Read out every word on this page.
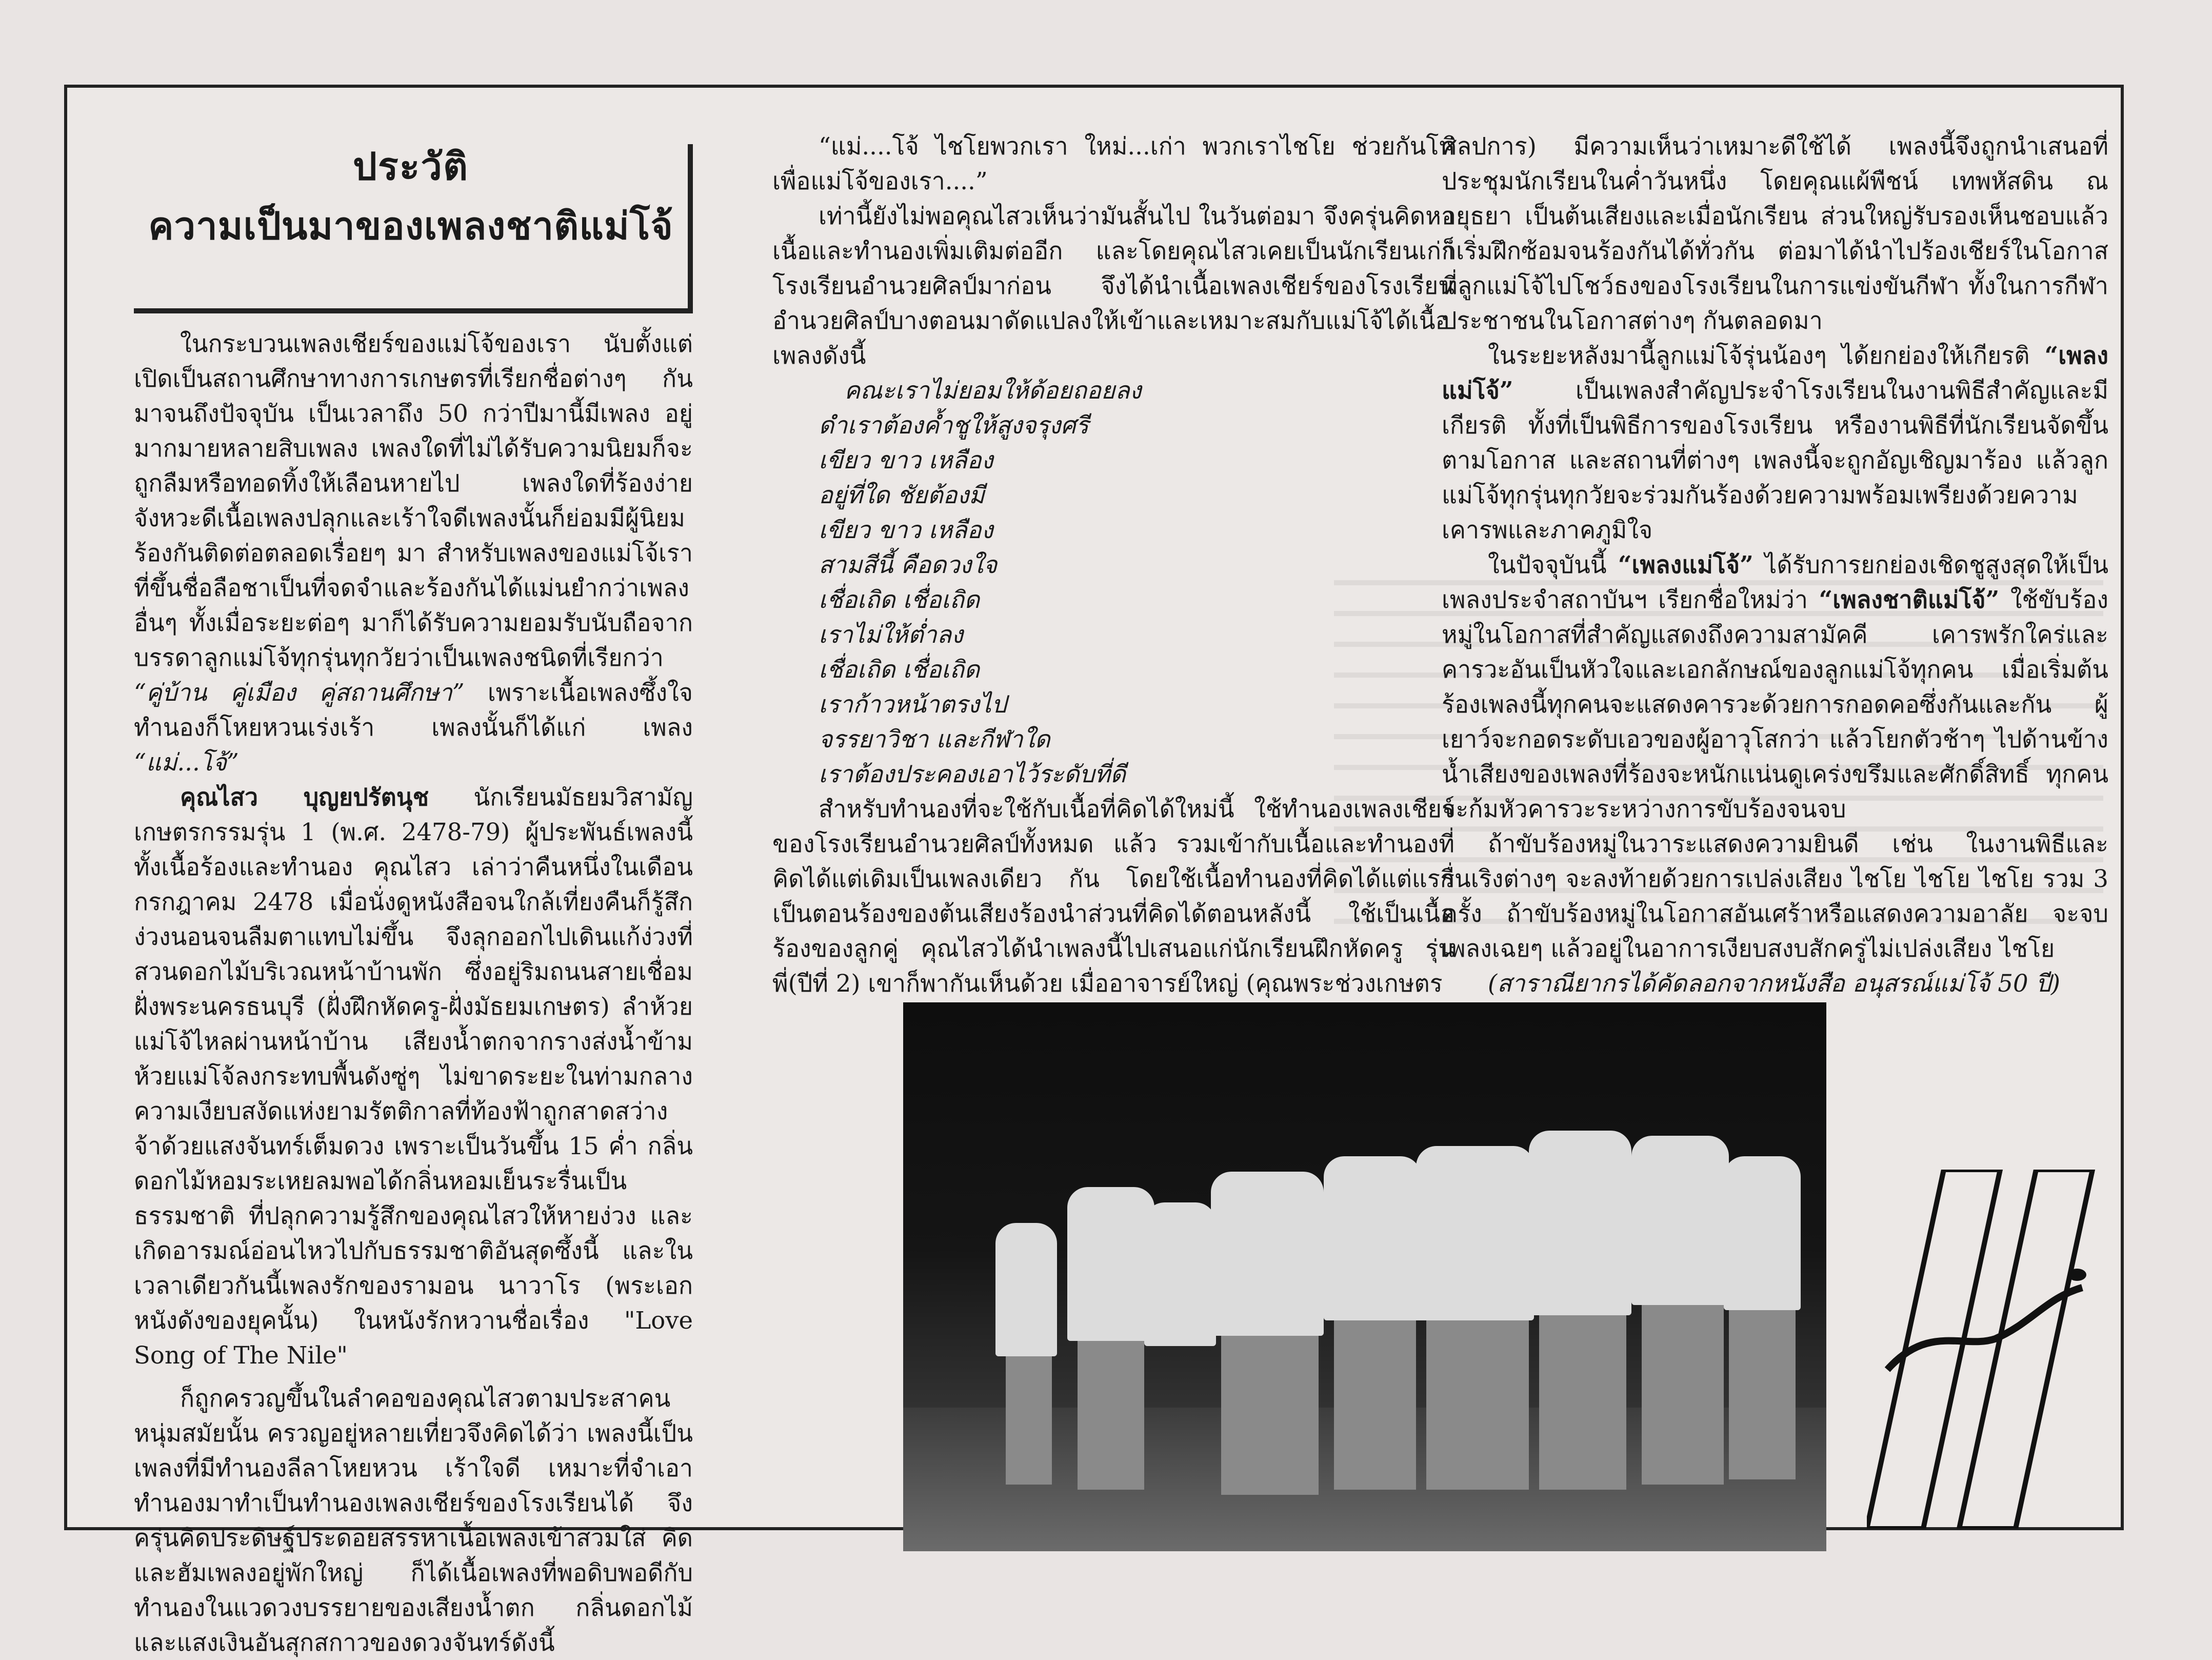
ประวัติ
ความเป็นมาของเพลงชาติแม่โจ้

ในกระบวนเพลงเชียร์ของแม่โจ้ของเรา นับตั้งแต่เปิดเป็นสถานศึกษาทางการเกษตรที่เรียกชื่อต่างๆ กัน มาจนถึงปัจจุบัน เป็นเวลาถึง 50 กว่าปีมานี้มีเพลง อยู่มากมายหลายสิบเพลง เพลงใดที่ไม่ได้รับความนิยมก็จะถูกลืมหรือทอดทิ้งให้เลือนหายไป เพลงใดที่ร้องง่าย จังหวะดีเนื้อเพลงปลุกและเร้าใจดีเพลงนั้นก็ย่อมมีผู้นิยมร้องกันติดต่อตลอดเรื่อยๆ มา สำหรับเพลงของแม่โจ้เราที่ขึ้นชื่อลือชาเป็นที่จดจำและร้องกันได้แม่นยำกว่าเพลงอื่นๆ ทั้งเมื่อระยะต่อๆ มาก็ได้รับความยอมรับนับถือจากบรรดาลูกแม่โจ้ทุกรุ่นทุกวัยว่าเป็นเพลงชนิดที่เรียกว่า “คู่บ้าน คู่เมือง คู่สถานศึกษา” เพราะเนื้อเพลงซึ้งใจ ทำนองก็โหยหวนเร่งเร้า เพลงนั้นก็ได้แก่ เพลง “แม่...โจ้”

คุณไสว บุญยปรัตนุช นักเรียนมัธยมวิสามัญเกษตรกรรมรุ่น 1 (พ.ศ. 2478-79) ผู้ประพันธ์เพลงนี้ ทั้งเนื้อร้องและทำนอง คุณไสว เล่าว่าคืนหนึ่งในเดือนกรกฎาคม 2478 เมื่อนั่งดูหนังสือจนใกล้เที่ยงคืนก็รู้สึกง่วงนอนจนลืมตาแทบไม่ขึ้น จึงลุกออกไปเดินแก้ง่วงที่สวนดอกไม้บริเวณหน้าบ้านพัก ซึ่งอยู่ริมถนนสายเชื่อมฝั่งพระนครธนบุรี (ฝั่งฝึกหัดครู-ฝั่งมัธยมเกษตร) ลำห้วยแม่โจ้ไหลผ่านหน้าบ้าน เสียงน้ำตกจากรางส่งน้ำข้ามห้วยแม่โจ้ลงกระทบพื้นดังซู่ๆ ไม่ขาดระยะในท่ามกลางความเงียบสงัดแห่งยามรัตติกาลที่ท้องฟ้าถูกสาดสว่างจ้าด้วยแสงจันทร์เต็มดวง เพราะเป็นวันขึ้น 15 ค่ำ กลิ่นดอกไม้หอมระเหยลมพอได้กลิ่นหอมเย็นระรื่นเป็นธรรมชาติ ที่ปลุกความรู้สึกของคุณไสวให้หายง่วง และเกิดอารมณ์อ่อนไหวไปกับธรรมชาติอันสุดซึ้งนี้ และในเวลาเดียวกันนี้เพลงรักของรามอน นาวาโร (พระเอกหนังดังของยุคนั้น) ในหนังรักหวานชื่อเรื่อง "Love Song of The Nile"

ก็ถูกครวญขึ้นในลำคอของคุณไสวตามประสาคนหนุ่มสมัยนั้น ครวญอยู่หลายเที่ยวจึงคิดได้ว่า เพลงนี้เป็นเพลงที่มีทำนองลีลาโหยหวน เร้าใจดี เหมาะที่จำเอาทำนองมาทำเป็นทำนองเพลงเชียร์ของโรงเรียนได้ จึงครุ่นคิดประดิษฐ์ประดอยสรรหาเนื้อเพลงเข้าสวมใส่ คิดและฮัมเพลงอยู่พักใหญ่ ก็ได้เนื้อเพลงที่พอดิบพอดีกับทำนองในแวดวงบรรยายของเสียงน้ำตก กลิ่นดอกไม้ และแสงเงินอันสุกสกาวของดวงจันทร์ดังนี้

“แม่....โจ้ ไชโยพวกเรา ใหม่...เก่า พวกเราไชโย ช่วยกันโห่เพื่อแม่โจ้ของเรา....”

เท่านี้ยังไม่พอคุณไสวเห็นว่ามันสั้นไป ในวันต่อมา จึงครุ่นคิดหาเนื้อและทำนองเพิ่มเติมต่ออีก และโดยคุณไสวเคยเป็นนักเรียนเก่าโรงเรียนอำนวยศิลป์มาก่อน จึงได้นำเนื้อเพลงเชียร์ของโรงเรียนอำนวยศิลป์บางตอนมาดัดแปลงให้เข้าและเหมาะสมกับแม่โจ้ได้เนื้อเพลงดังนี้

คณะเราไม่ยอมให้ด้อยถอยลง

ดำเราต้องค้ำชูให้สูงจรุงศรี

เขียว ขาว เหลือง

อยู่ที่ใด ชัยต้องมี

เขียว ขาว เหลือง

สามสีนี้ คือดวงใจ

เชื่อเถิด เชื่อเถิด

เราไม่ให้ต่ำลง

เชื่อเถิด เชื่อเถิด

เราก้าวหน้าตรงไป

จรรยาวิชา และกีฬาใด

เราต้องประคองเอาไว้ระดับที่ดี

สำหรับทำนองที่จะใช้กับเนื้อที่คิดได้ใหม่นี้ ใช้ทำนองเพลงเชียร์ของโรงเรียนอำนวยศิลป์ทั้งหมด แล้ว รวมเข้ากับเนื้อและทำนองที่คิดได้แต่เดิมเป็นเพลงเดียว กัน โดยใช้เนื้อทำนองที่คิดได้แต่แรก เป็นตอนร้องของต้นเสียงร้องนำส่วนที่คิดได้ตอนหลังนี้ ใช้เป็นเนื้อร้องของลูกคู่ คุณไสวได้นำเพลงนี้ไปเสนอแก่นักเรียนฝึกหัดครู รุ่นพี่(ปีที่ 2) เขาก็พากันเห็นด้วย เมื่ออาจารย์ใหญ่ (คุณพระช่วงเกษตร

ศิลปการ) มีความเห็นว่าเหมาะดีใช้ได้ เพลงนี้จึงถูกนำเสนอที่ประชุมนักเรียนในค่ำวันหนึ่ง โดยคุณแผ้พืชน์ เทพหัสดิน ณ อยุธยา เป็นต้นเสียงและเมื่อนักเรียน ส่วนใหญ่รับรองเห็นชอบแล้วก็เริ่มฝึกซ้อมจนร้องกันได้ทั่วกัน ต่อมาได้นำไปร้องเชียร์ในโอกาสที่ลูกแม่โจ้ไปโชว์ธงของโรงเรียนในการแข่งขันกีฬา ทั้งในการกีฬาประชาชนในโอกาสต่างๆ กันตลอดมา

ในระยะหลังมานี้ลูกแม่โจ้รุ่นน้องๆ ได้ยกย่องให้เกียรติ “เพลงแม่โจ้”	เป็นเพลงสำคัญประจำโรงเรียนในงานพิธีสำคัญและมีเกียรติ ทั้งที่เป็นพิธีการของโรงเรียน หรืองานพิธีที่นักเรียนจัดขึ้นตามโอกาส และสถานที่ต่างๆ เพลงนี้จะถูกอัญเชิญมาร้อง แล้วลูกแม่โจ้ทุกรุ่นทุกวัยจะร่วมกันร้องด้วยความพร้อมเพรียงด้วยความเคารพและภาคภูมิใจ

ในปัจจุบันนี้ “เพลงแม่โจ้” ได้รับการยกย่องเชิดชูสูงสุดให้เป็นเพลงประจำสถาบันฯ เรียกชื่อใหม่ว่า “เพลงชาติแม่โจ้” ใช้ขับร้องหมู่ในโอกาสที่สำคัญแสดงถึงความสามัคคี เคารพรักใคร่และคารวะอันเป็นหัวใจและเอกลักษณ์ของลูกแม่โจ้ทุกคน เมื่อเริ่มต้นร้องเพลงนี้ทุกคนจะแสดงคารวะด้วยการกอดคอซึ่งกันและกัน ผู้เยาว์จะกอดระดับเอวของผู้อาวุโสกว่า แล้วโยกตัวช้าๆ ไปด้านข้าง น้ำเสียงของเพลงที่ร้องจะหนักแน่นดูเคร่งขรึมและศักดิ์สิทธิ์ ทุกคนจะก้มหัวคารวะระหว่างการขับร้องจนจบ

ถ้าขับร้องหมู่ในวาระแสดงความยินดี เช่น ในงานพิธีและรื่นเริงต่างๆ จะลงท้ายด้วยการเปล่งเสียง ไชโย ไชโย ไชโย รวม 3 ครั้ง ถ้าขับร้องหมู่ในโอกาสอันเศร้าหรือแสดงความอาลัย จะจบเพลงเฉยๆ แล้วอยู่ในอาการเงียบสงบสักครู่ไม่เปล่งเสียง ไชโย

(สาราณียากรได้คัดลอกจากหนังสือ อนุสรณ์แม่โจ้ 50 ปี)
